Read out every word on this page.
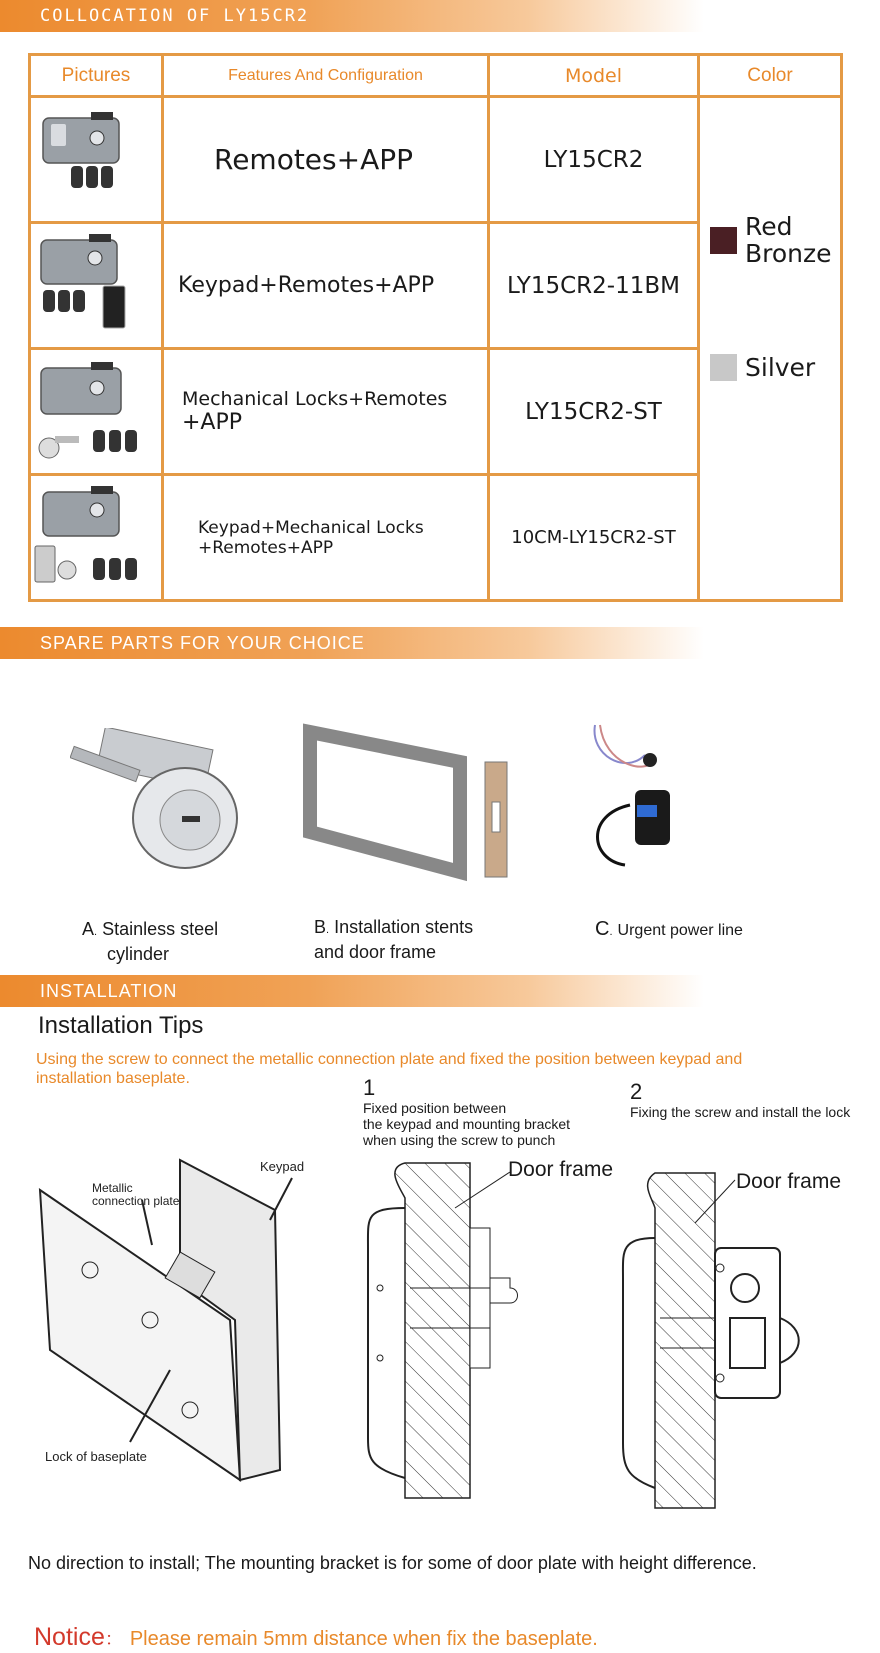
COLLOCATION OF LY15CR2
Pictures	Features And Configuration	Model	Color
	Remotes+APP	LY15CR2	Red
Bronze
Silver

	Keypad+Remotes+APP	LY15CR2-11BM	

Mechanical Locks+Remotes
+APP	LY15CR2-ST	

Keypad+Mechanical Locks
+Remotes+APP	10CM-LY15CR2-ST	
SPARE PARTS FOR YOUR CHOICE
A. Stainless steel
cylinder
B. Installation stents
and door frame
C. Urgent power line
INSTALLATION
Installation Tips
Using the screw to connect the metallic connection plate and fixed the position between keypad and
installation baseplate.	1
Fixed position between
the keypad and mounting bracket
when using the screw to punch
2
Fixing the screw and install the lock
Keypad
Metallic
connection plate
Lock of baseplate
Door frame
Door frame
No direction to install; The mounting bracket is for some of door plate with height difference.
Notice： Please remain 5mm distance when fix the baseplate.
